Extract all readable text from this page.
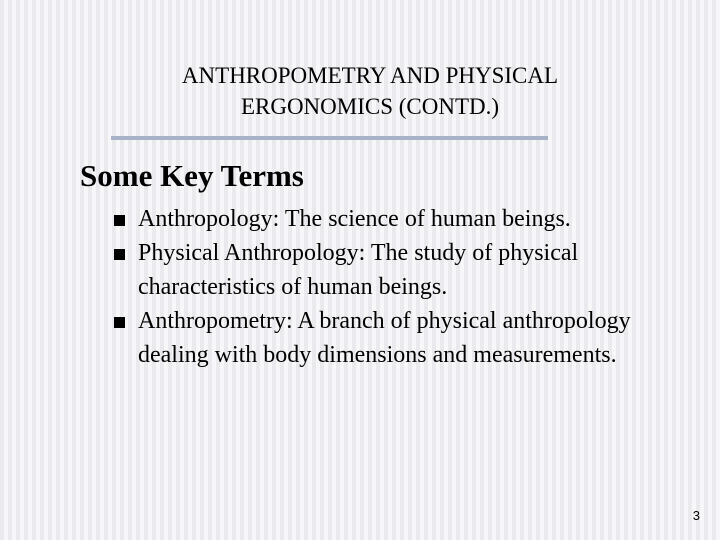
ANTHROPOMETRY AND PHYSICAL
ERGONOMICS (CONTD.)
Some Key Terms
Anthropology: The science of human beings.
Physical Anthropology: The study of physical characteristics of human beings.
Anthropometry: A branch of physical anthropology dealing with body dimensions and measurements.
3
